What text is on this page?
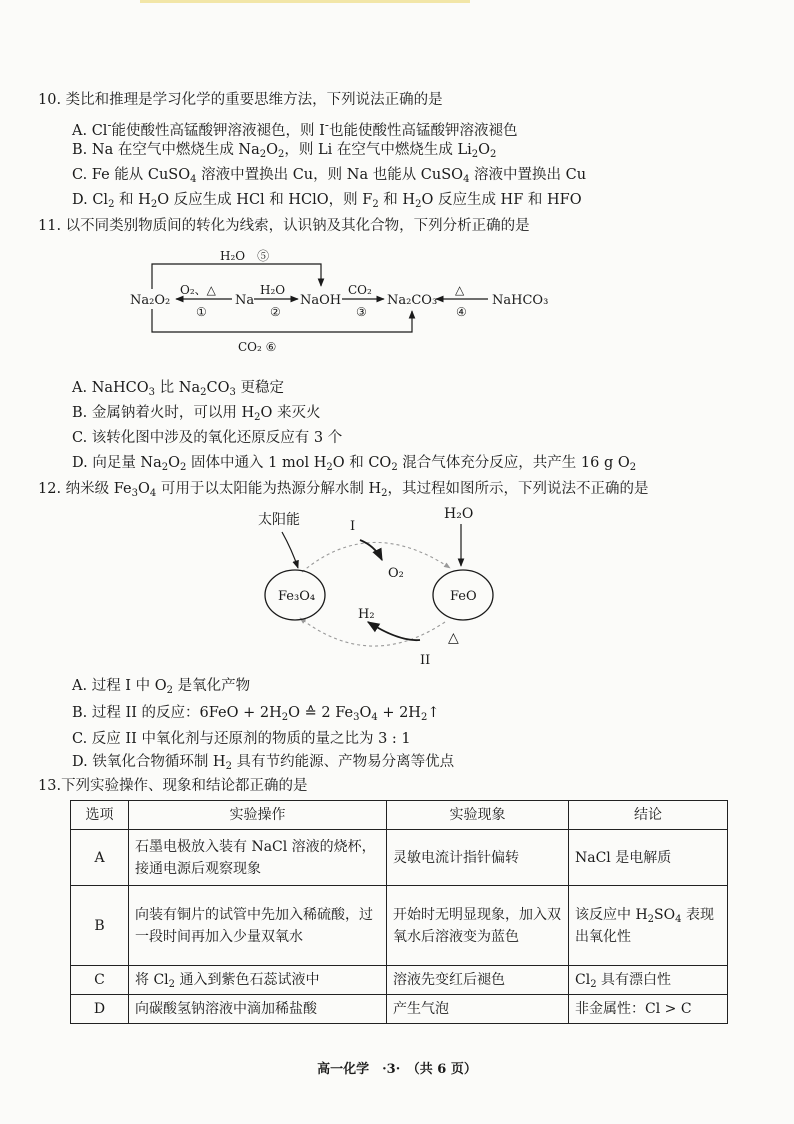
10. 类比和推理是学习化学的重要思维方法，下列说法正确的是
A. Cl-能使酸性高锰酸钾溶液褪色，则 I-也能使酸性高锰酸钾溶液褪色
B. Na 在空气中燃烧生成 $Na_2O_2$，则 Li 在空气中燃烧生成 $Li_2O_2$
C. Fe 能从 CuSO$_4$ 溶液中置换出 Cu，则 Na 也能从 CuSO$_4$ 溶液中置换出 Cu
D. $Cl_2$ 和 $H_2O$ 反应生成 HCl 和 HClO，则 $F_2$ 和 $H_2O$ 反应生成 HF 和 HFO
11. 以不同类别物质间的转化为线索，认识钠及其化合物，下列分析正确的是
Na₂O₂	Na	NaOH	Na₂CO₃	NaHCO₃
O₂、△
①
H₂O
②
CO₂
③
△
④
H₂O　⑤
CO₂ ⑥
A. NaHCO$_3$ 比 $Na_2CO_3$ 更稳定
B. 金属钠着火时，可以用 $H_2O$ 来灭火
C. 该转化图中涉及的氧化还原反应有 3 个
D. 向足量 $Na_2O_2$ 固体中通入 1 mol $H_2O$ 和 $CO_2$ 混合气体充分反应，共产生 16 g $O_2$
12. 纳米级 $Fe_3O_4$ 可用于以太阳能为热源分解水制 $H_2$，其过程如图所示，下列说法不正确的是
Fe₃O₄	FeO
太阳能	I
O₂
H₂O
H₂
△
II
A. 过程 I 中 $O_2$ 是氧化产物
B. 过程 II 的反应：$6FeO + 2H_2O$ ≙ 2 $Fe_3O_4$ + $2H_2↑$
C. 反应 II 中氧化剂与还原剂的物质的量之比为 3 : 1
D. 铁氧化合物循环制 $H_2$ 具有节约能源、产物易分离等优点
13.下列实验操作、现象和结论都正确的是
选项	实验操作	实验现象	结论
A	石墨电极放入装有 NaCl 溶液的烧杯，接通电源后观察现象	灵敏电流计指针偏转	NaCl 是电解质
B	向装有铜片的试管中先加入稀硫酸，过一段时间再加入少量双氧水	开始时无明显现象，加入双氧水后溶液变为蓝色	该反应中 $H_2SO_4$ 表现出氧化性
C	将 $Cl_2$ 通入到紫色石蕊试液中	溶液先变红后褪色	$Cl_2$ 具有漂白性
D	向碳酸氢钠溶液中滴加稀盐酸	产生气泡	非金属性：Cl > C
高一化学　·3·　（共 6 页）
